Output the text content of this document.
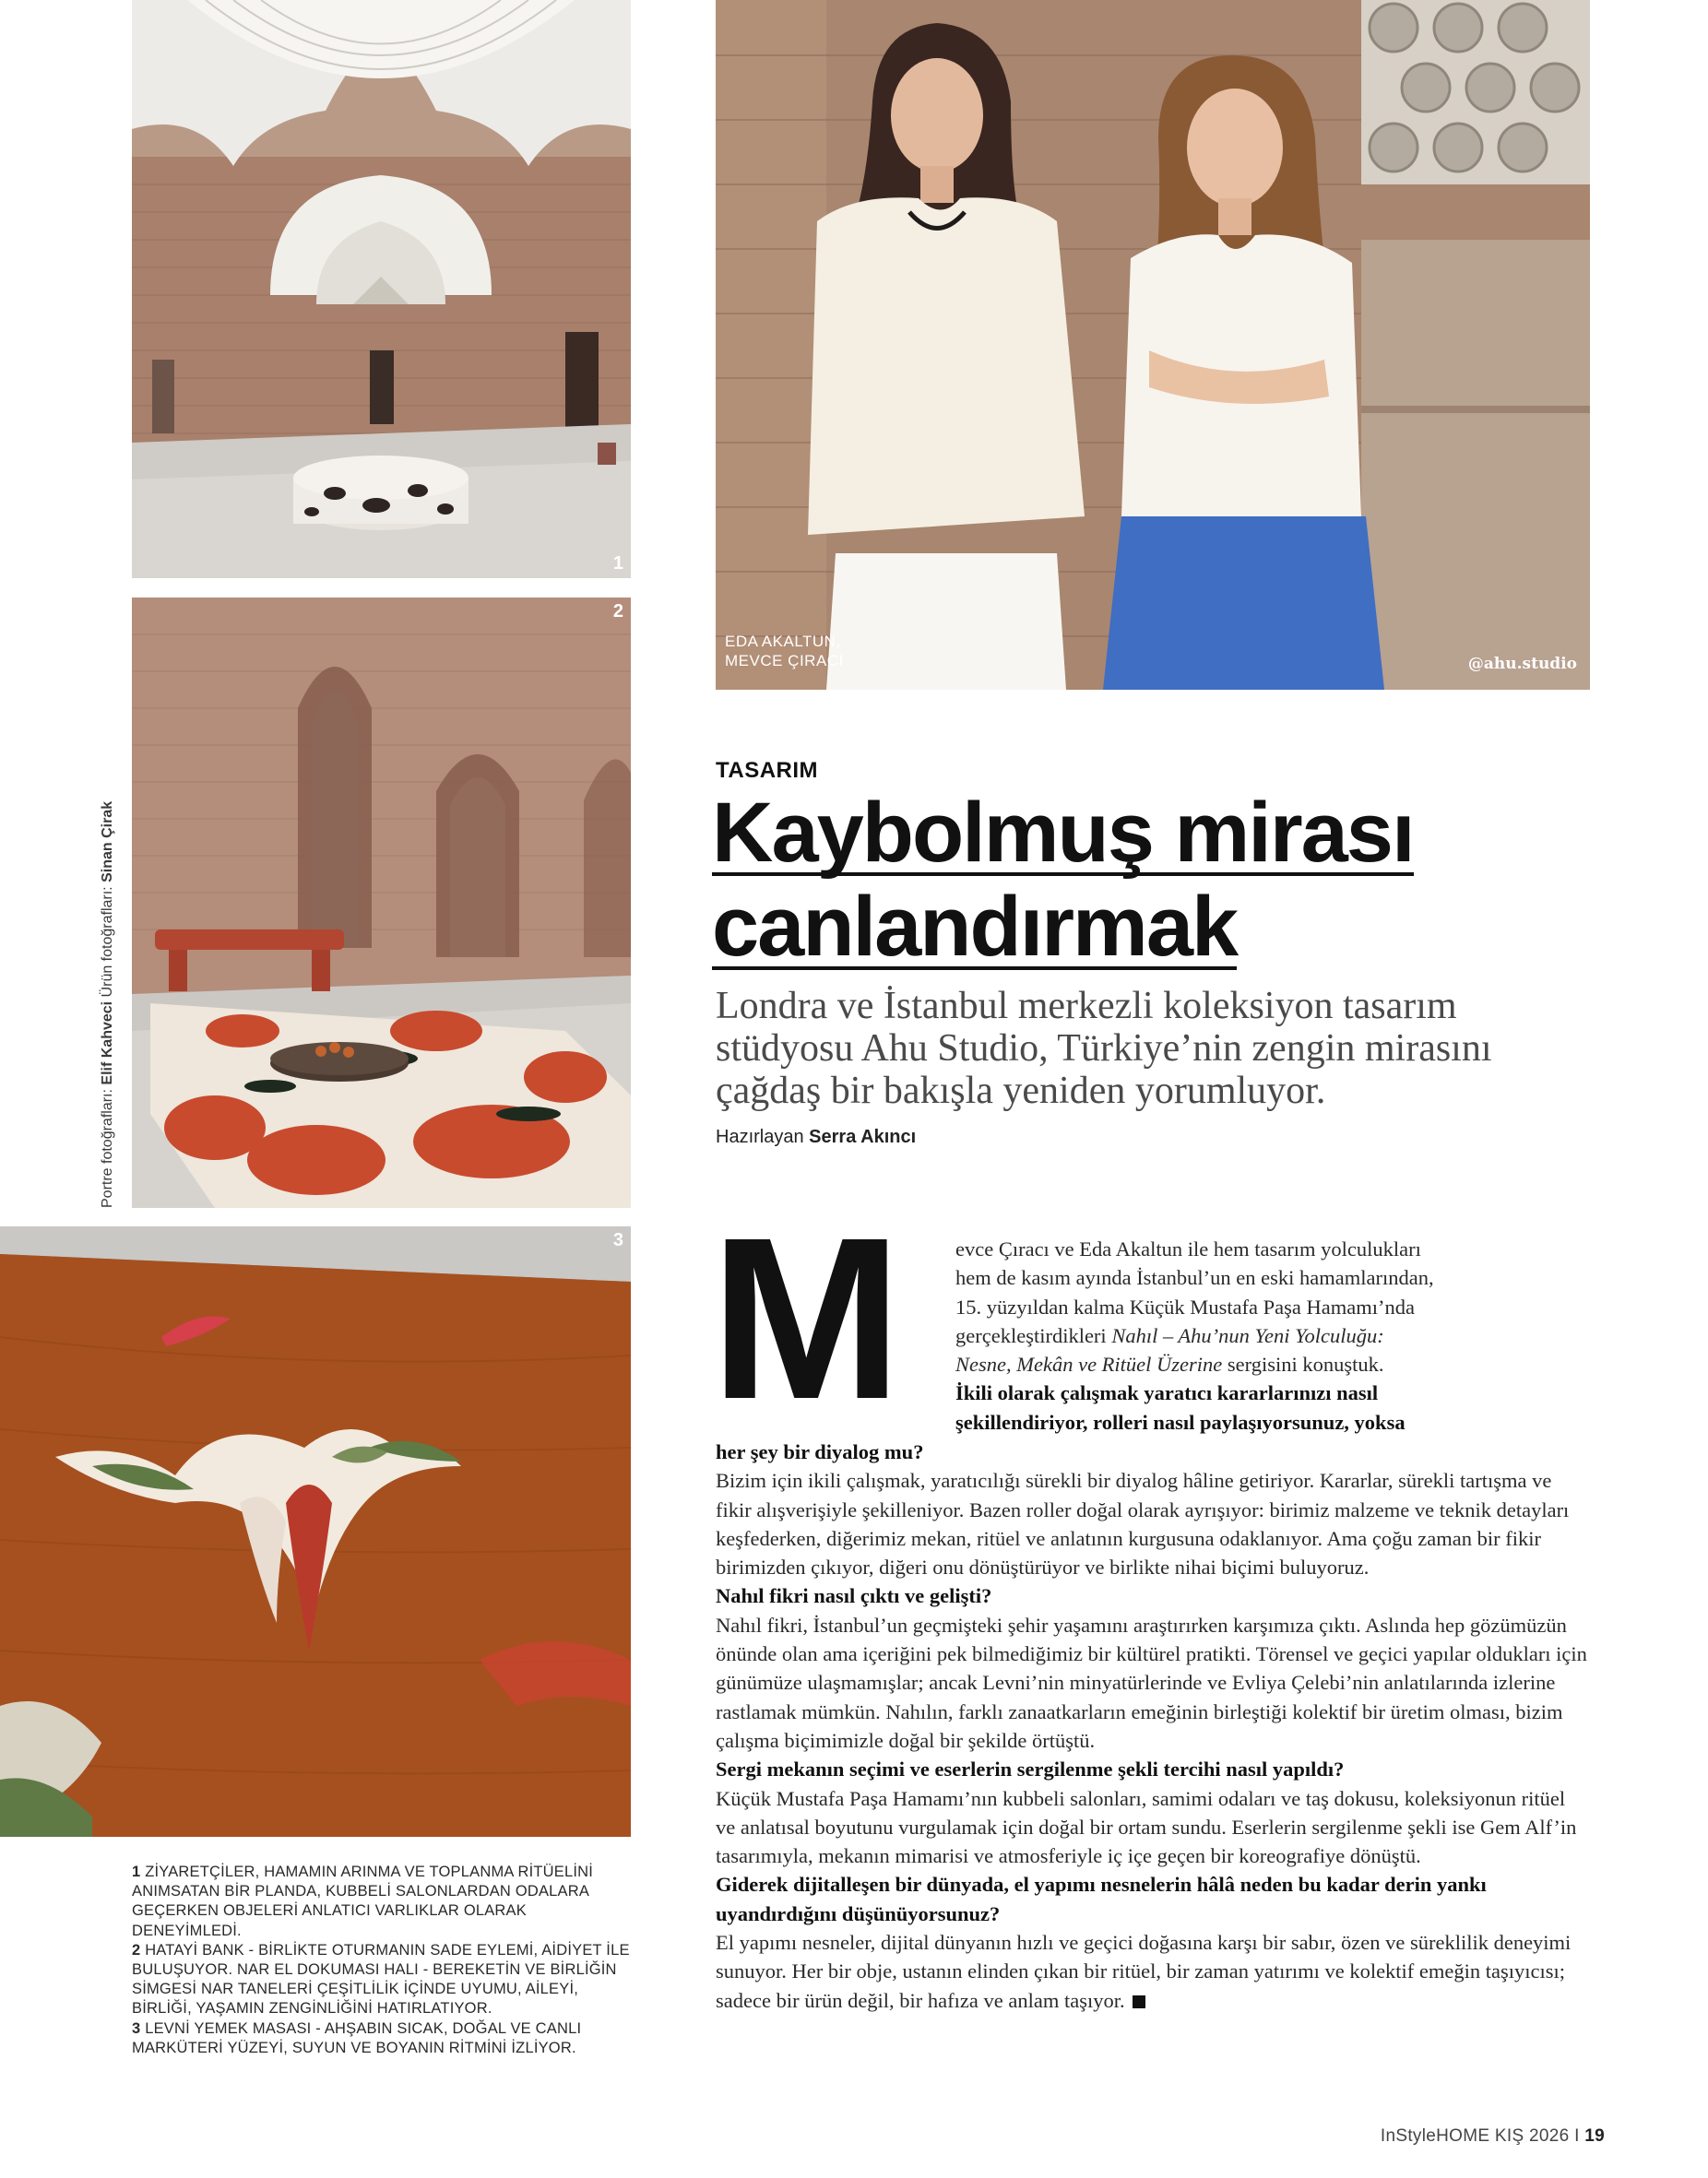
1
2
3
EDA AKALTUN,
MEVCE ÇIRACI	@ahu.studio
Portre fotoğrafları: Elif Kahveci Ürün fotoğrafları: Sinan Çirak
TASARIM
Kaybolmuş mirası
canlandırmak
Londra ve İstanbul merkezli koleksiyon tasarım stüdyosu Ahu Studio, Türkiye’nin zengin mirasını çağdaş bir bakışla yeniden yorumluyor.
Hazırlayan Serra Akıncı
M	evce Çıracı ve Eda Akaltun ile hem tasarım yolculukları
hem de kasım ayında İstanbul’un en eski hamamlarından,
15. yüzyıldan kalma Küçük Mustafa Paşa Hamamı’nda
gerçekleştirdikleri Nahıl – Ahu’nun Yeni Yolculuğu:
Nesne, Mekân ve Ritüel Üzerine sergisini konuştuk.
İkili olarak çalışmak yaratıcı kararlarınızı nasıl
şekillendiriyor, rolleri nasıl paylaşıyorsunuz, yoksa

her şey bir diyalog mu?

Bizim için ikili çalışmak, yaratıcılığı sürekli bir diyalog hâline getiriyor. Kararlar, sürekli tartışma ve fikir alışverişiyle şekilleniyor. Bazen roller doğal olarak ayrışıyor: birimiz malzeme ve teknik detayları keşfederken, diğerimiz mekan, ritüel ve anlatının kurgusuna odaklanıyor. Ama çoğu zaman bir fikir birimizden çıkıyor, diğeri onu dönüştürüyor ve birlikte nihai biçimi buluyoruz.

Nahıl fikri nasıl çıktı ve gelişti?

Nahıl fikri, İstanbul’un geçmişteki şehir yaşamını araştırırken karşımıza çıktı. Aslında hep gözümüzün önünde olan ama içeriğini pek bilmediğimiz bir kültürel pratikti. Törensel ve geçici yapılar oldukları için günümüze ulaşmamışlar; ancak Levni’nin minyatürlerinde ve Evliya Çelebi’nin anlatılarında izlerine rastlamak mümkün. Nahılın, farklı zanaatkarların emeğinin birleştiği kolektif bir üretim olması, bizim çalışma biçimimizle doğal bir şekilde örtüştü.

Sergi mekanın seçimi ve eserlerin sergilenme şekli tercihi nasıl yapıldı?

Küçük Mustafa Paşa Hamamı’nın kubbeli salonları, samimi odaları ve taş dokusu, koleksiyonun ritüel ve anlatısal boyutunu vurgulamak için doğal bir ortam sundu. Eserlerin sergilenme şekli ise Gem Alf’in tasarımıyla, mekanın mimarisi ve atmosferiyle iç içe geçen bir koreografiye dönüştü.

Giderek dijitalleşen bir dünyada, el yapımı nesnelerin hâlâ neden bu kadar derin yankı uyandırdığını düşünüyorsunuz?

El yapımı nesneler, dijital dünyanın hızlı ve geçici doğasına karşı bir sabır, özen ve süreklilik deneyimi sunuyor. Her bir obje, ustanın elinden çıkan bir ritüel, bir zaman yatırımı ve kolektif emeğin taşıyıcısı; sadece bir ürün değil, bir hafıza ve anlam taşıyor.

1 ZİYARETÇİLER, HAMAMIN ARINMA VE TOPLANMA RİTÜELİNİ ANIMSATAN BİR PLANDA, KUBBELİ SALONLARDAN ODALARA GEÇERKEN OBJELERİ ANLATICI VARLIKLAR OLARAK DENEYİMLEDİ.

2 HATAYİ BANK - BİRLİKTE OTURMANIN SADE EYLEMİ, AİDİYET İLE BULUŞUYOR. NAR EL DOKUMASI HALI - BEREKETİN VE BİRLİĞİN SİMGESİ NAR TANELERİ ÇEŞİTLİLİK İÇİNDE UYUMU, AİLEYİ, BİRLİĞİ, YAŞAMIN ZENGİNLİĞİNİ HATIRLATIYOR.

3 LEVNİ YEMEK MASASI - AHŞABIN SICAK, DOĞAL VE CANLI MARKÜTERİ YÜZEYİ, SUYUN VE BOYANIN RİTMİNİ İZLİYOR.

InStyleHOME KIŞ 2026 I 19
